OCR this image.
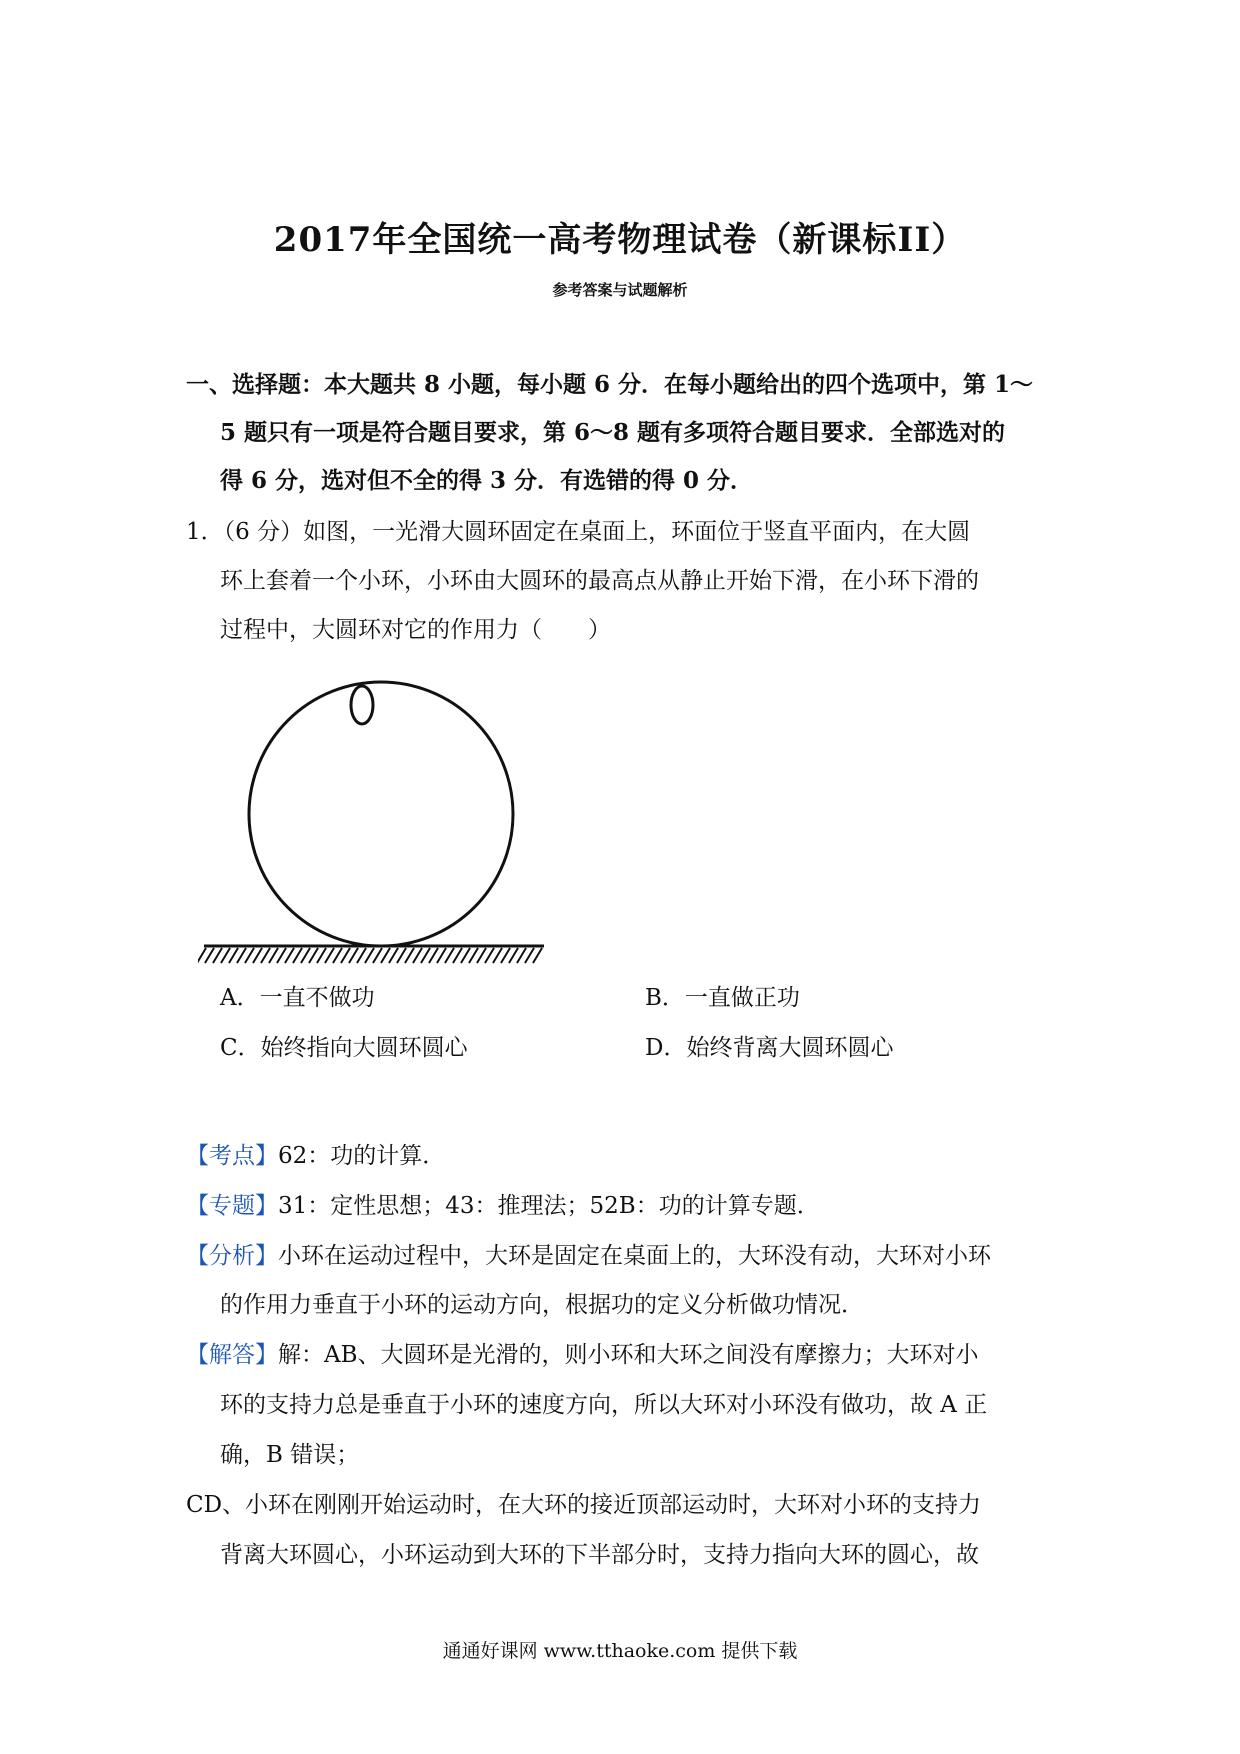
2017年全国统一高考物理试卷（新课标II）
参考答案与试题解析
一、选择题：本大题共 8 小题，每小题 6 分．在每小题给出的四个选项中，第 1～
5 题只有一项是符合题目要求，第 6～8 题有多项符合题目要求．全部选对的
得 6 分，选对但不全的得 3 分．有选错的得 0 分．
1．（6 分）如图，一光滑大圆环固定在桌面上，环面位于竖直平面内，在大圆
环上套着一个小环，小环由大圆环的最高点从静止开始下滑，在小环下滑的
过程中，大圆环对它的作用力（　　）
A．一直不做功	B．一直做正功
C．始终指向大圆环圆心	D．始终背离大圆环圆心
【考点】62：功的计算．
【专题】31：定性思想；43：推理法；52B：功的计算专题．
【分析】小环在运动过程中，大环是固定在桌面上的，大环没有动，大环对小环
的作用力垂直于小环的运动方向，根据功的定义分析做功情况．
【解答】解：AB、大圆环是光滑的，则小环和大环之间没有摩擦力；大环对小
环的支持力总是垂直于小环的速度方向，所以大环对小环没有做功，故 A 正
确，B 错误；
CD、小环在刚刚开始运动时，在大环的接近顶部运动时，大环对小环的支持力
背离大环圆心，小环运动到大环的下半部分时，支持力指向大环的圆心，故
通通好课网 www.tthaoke.com 提供下载
